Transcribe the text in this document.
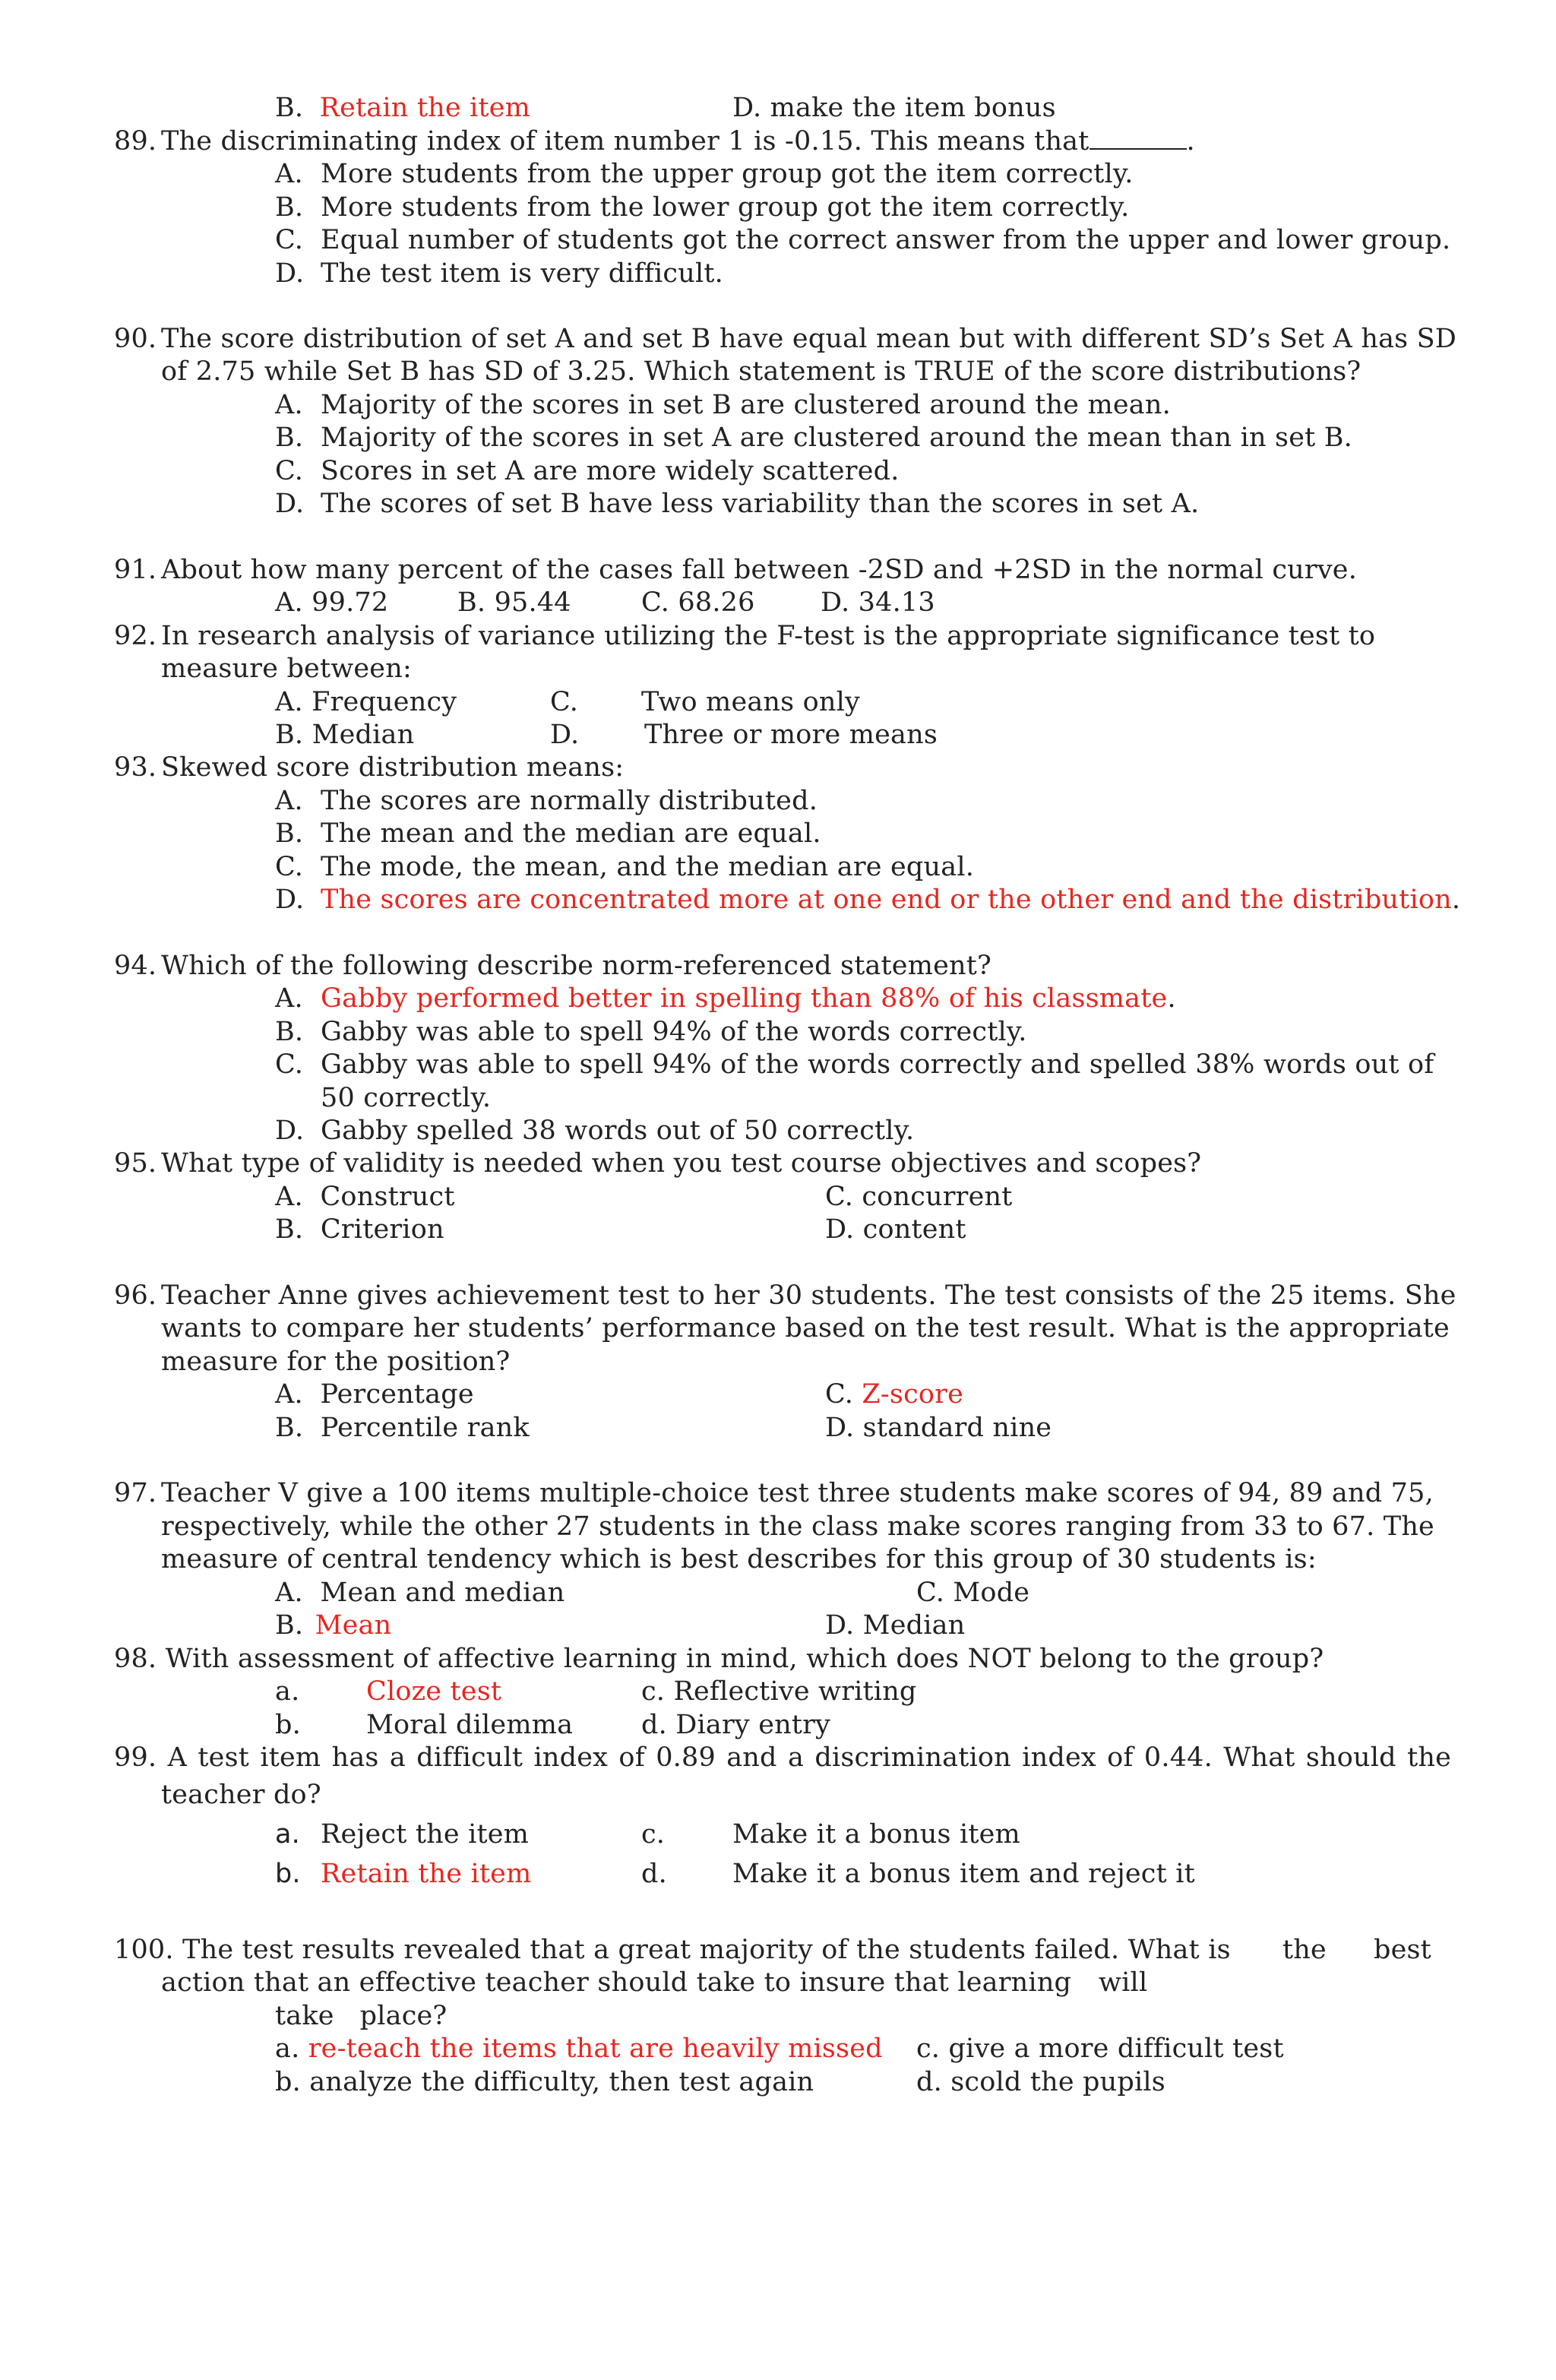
B. Retain the item	D. make the item bonus
89. The discriminating index of item number 1 is -0.15. This means that	.
A. More students from the upper group got the item correctly.
B. More students from the lower group got the item correctly.
C. Equal number of students got the correct answer from the upper and lower group.
D. The test item is very difficult.
90. The score distribution of set A and set B have equal mean but with different SD’s Set A has SD
of 2.75 while Set B has SD of 3.25. Which statement is TRUE of the score distributions?
A. Majority of the scores in set B are clustered around the mean.
B. Majority of the scores in set A are clustered around the mean than in set B.
C. Scores in set A are more widely scattered.
D. The scores of set B have less variability than the scores in set A.
91. About how many percent of the cases fall between -2SD and +2SD in the normal curve.
A. 99.72	B. 95.44	C. 68.26 D. 34.13
92. In research analysis of variance utilizing the F-test is the appropriate significance test to
measure between:
A. Frequency	C. Two means only
B. Median	D. Three or more means
93. Skewed score distribution means:
A. The scores are normally distributed.
B. The mean and the median are equal.
C. The mode, the mean, and the median are equal.
D. The scores are concentrated more at one end or the other end and the distribution.
94. Which of the following describe norm-referenced statement?
A. Gabby performed better in spelling than 88% of his classmate.
B. Gabby was able to spell 94% of the words correctly.
C. Gabby was able to spell 94% of the words correctly and spelled 38% words out of
50 correctly.
D. Gabby spelled 38 words out of 50 correctly.
95. What type of validity is needed when you test course objectives and scopes?
A.  Construct	C. concurrent
B.  Criterion	D. content
96. Teacher Anne gives achievement test to her 30 students. The test consists of the 25 items. She
wants to compare her students’ performance based on the test result. What is the appropriate
measure for the position?
A.  Percentage	C. Z-score
B.  Percentile rank	D. standard nine
97. Teacher V give a 100 items multiple-choice test three students make scores of 94, 89 and 75,
respectively, while the other 27 students in the class make scores ranging from 33 to 67. The
measure of central tendency which is best describes for this group of 30 students is:
A.  Mean and median	C. Mode
B. Mean	D. Median
98. With assessment of affective learning in mind, which does NOT belong to the group?
a.	Cloze test	c. Reflective writing
b. Moral dilemma	d. Diary entry
99. A test item has a difficult index of 0.89 and a discrimination index of 0.44. What should the
teacher do?
a. Reject the item	c.	Make it a bonus item
b. Retain the item	d. Make it a bonus item and reject it
100. The test results revealed that a great majority of the students failed. What is the best
action that an effective teacher should take to insure that learning will
take   place?
a. re-teach the items that are heavily missed c. give a more difficult test
b. analyze the difficulty, then test again	d. scold the pupils
